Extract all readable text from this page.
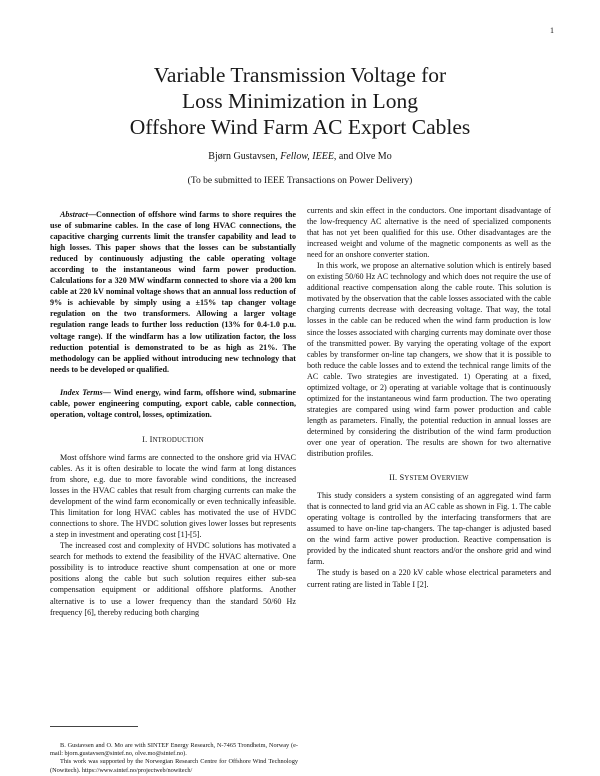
1
Variable Transmission Voltage for
Loss Minimization in Long
Offshore Wind Farm AC Export Cables
Bjørn Gustavsen, Fellow, IEEE, and Olve Mo
(To be submitted to IEEE Transactions on Power Delivery)

Abstract—Connection of offshore wind farms to shore requires the use of submarine cables. In the case of long HVAC connections, the capacitive charging currents limit the transfer capability and lead to high losses. This paper shows that the losses can be substantially reduced by continuously adjusting the cable operating voltage according to the instantaneous wind farm power production. Calculations for a 320 MW windfarm connected to shore via a 200 km cable at 220 kV nominal voltage shows that an annual loss reduction of 9% is achievable by simply using a ±15% tap changer voltage regulation on the two transformers. Allowing a larger voltage regulation range leads to further loss reduction (13% for 0.4-1.0 p.u. voltage range). If the windfarm has a low utilization factor, the loss reduction potential is demonstrated to be as high as 21%. The methodology can be applied without introducing new technology that needs to be developed or qualified.

Index Terms— Wind energy, wind farm, offshore wind, submarine cable, power engineering computing, export cable, cable connection, operation, voltage control, losses, optimization.

I. INTRODUCTION

Most offshore wind farms are connected to the onshore grid via HVAC cables. As it is often desirable to locate the wind farm at long distances from shore, e.g. due to more favorable wind conditions, the increased losses in the HVAC cables that result from charging currents can make the development of the wind farm economically or even technically infeasible. This limitation for long HVAC cables has motivated the use of HVDC connections to shore. The HVDC solution gives lower losses but represents a step in investment and operating cost [1]-[5].

The increased cost and complexity of HVDC solutions has motivated a search for methods to extend the feasibility of the HVAC alternative. One possibility is to introduce reactive shunt compensation at one or more positions along the cable but such solution requires either sub-sea compensation equipment or additional offshore platforms. Another alternative is to use a lower frequency than the standard 50/60 Hz frequency [6], thereby reducing both charging

currents and skin effect in the conductors. One important disadvantage of the low-frequency AC alternative is the need of specialized components that has not yet been qualified for this use. Other disadvantages are the increased weight and volume of the magnetic components as well as the need for an onshore converter station.

In this work, we propose an alternative solution which is entirely based on existing 50/60 Hz AC technology and which does not require the use of additional reactive compensation along the cable route. This solution is motivated by the observation that the cable losses associated with the cable charging currents decrease with decreasing voltage. That way, the total losses in the cable can be reduced when the wind farm production is low since the losses associated with charging currents may dominate over those of the transmitted power. By varying the operating voltage of the export cables by transformer on-line tap changers, we show that it is possible to both reduce the cable losses and to extend the technical range limits of the AC cable. Two strategies are investigated. 1) Operating at a fixed, optimized voltage, or 2) operating at variable voltage that is continuously optimized for the instantaneous wind farm production. The two operating strategies are compared using wind farm power production and cable length as parameters. Finally, the potential reduction in annual losses are determined by considering the distribution of the wind farm production over one year of operation. The results are shown for two alternative distribution profiles.

II. SYSTEM OVERVIEW

This study considers a system consisting of an aggregated wind farm that is connected to land grid via an AC cable as shown in Fig. 1. The cable operating voltage is controlled by the interfacing transformers that are assumed to have on-line tap-changers. The tap-changer is adjusted based on the wind farm active power production. Reactive compensation is provided by the indicated shunt reactors and/or the onshore grid and wind farm.

The study is based on a 220 kV cable whose electrical parameters and current rating are listed in Table I [2].

B. Gustavsen and O. Mo are with SINTEF Energy Research, N-7465 Trondheim, Norway (e-mail: bjorn.gustavsen@sintef.no, olve.mo@sintef.no).

This work was supported by the Norwegian Research Centre for Offshore Wind Technology (Nowitech). https://www.sintef.no/projectweb/nowitech/
